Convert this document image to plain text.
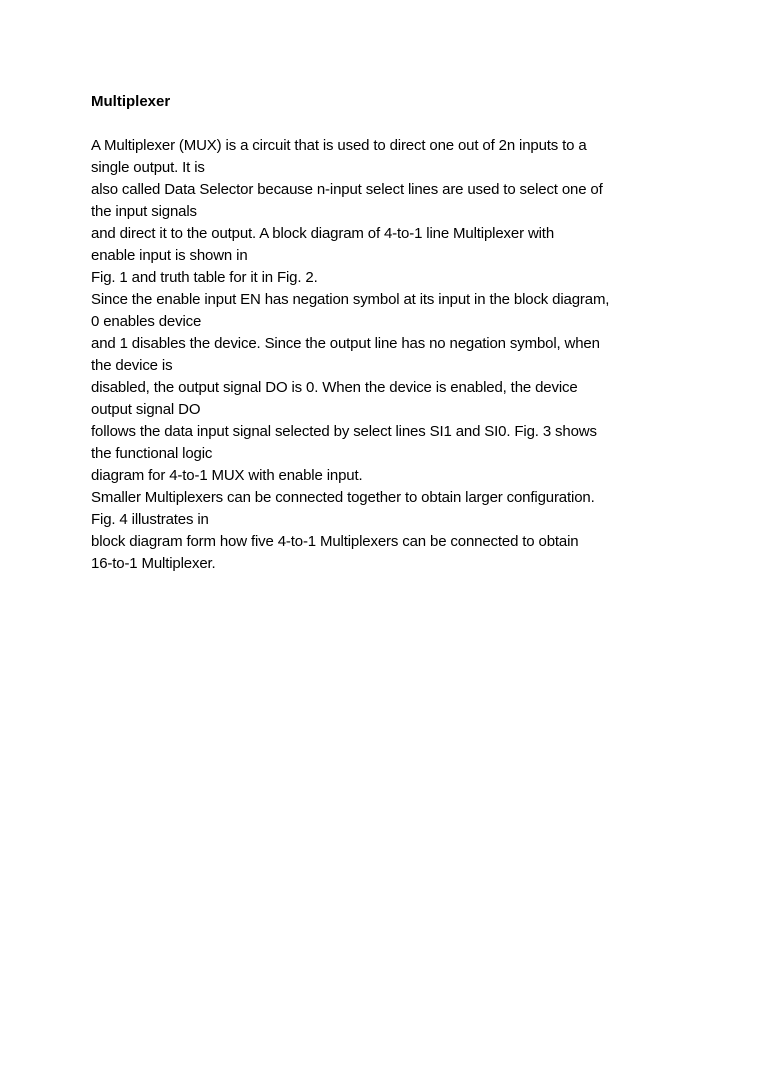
Multiplexer
A Multiplexer (MUX) is a circuit that is used to direct one out of 2n inputs to a
single output. It is
also called Data Selector because n-input select lines are used to select one of
the input signals
and direct it to the output. A block diagram of 4-to-1 line Multiplexer with
enable input is shown in
Fig. 1 and truth table for it in Fig. 2.
Since the enable input EN has negation symbol at its input in the block diagram,
0 enables device
and 1 disables the device. Since the output line has no negation symbol, when
the device is
disabled, the output signal DO is 0. When the device is enabled, the device
output signal DO
follows the data input signal selected by select lines SI1 and SI0. Fig. 3 shows
the functional logic
diagram for 4-to-1 MUX with enable input.
Smaller Multiplexers can be connected together to obtain larger configuration.
Fig. 4 illustrates in
block diagram form how five 4-to-1 Multiplexers can be connected to obtain
16-to-1 Multiplexer.
